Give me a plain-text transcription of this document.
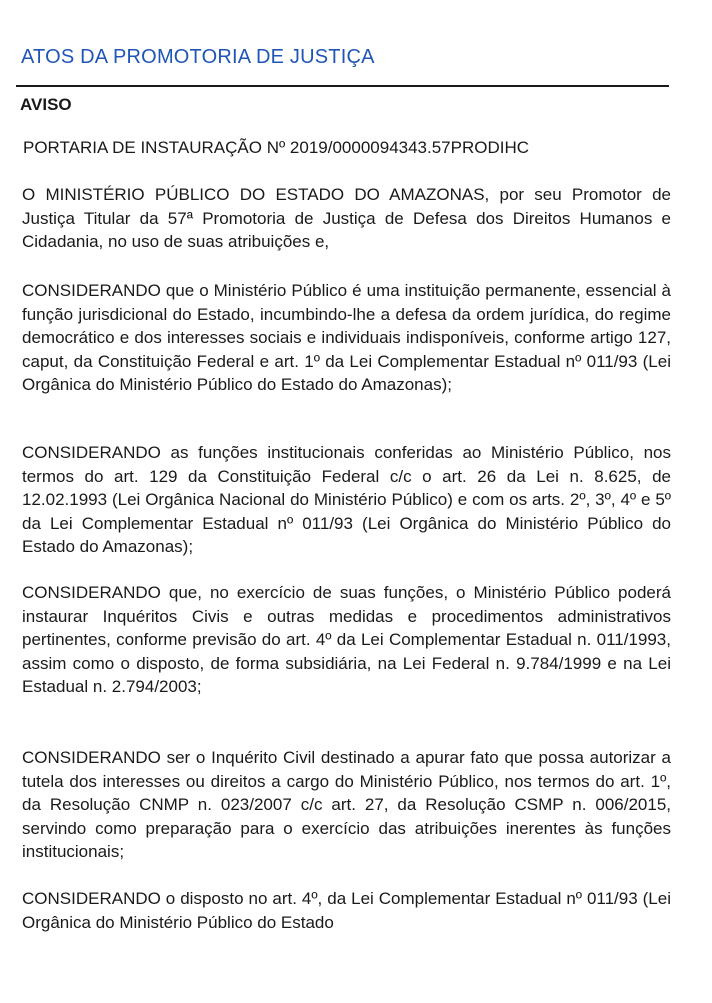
ATOS DA PROMOTORIA DE JUSTIÇA
AVISO
PORTARIA DE INSTAURAÇÃO Nº 2019/0000094343.57PRODIHC

O MINISTÉRIO PÚBLICO DO ESTADO DO AMAZONAS, por seu Promotor de Justiça Titular da 57ª Promotoria de Justiça de Defesa dos Direitos Humanos e Cidadania, no uso de suas atribuições e,

CONSIDERANDO que o Ministério Público é uma instituição permanente, essencial à função jurisdicional do Estado, incumbindo-lhe a defesa da ordem jurídica, do regime democrático e dos interesses sociais e individuais indisponíveis, conforme artigo 127, caput, da Constituição Federal e art. 1º da Lei Complementar Estadual nº 011/93 (Lei Orgânica do Ministério Público do Estado do Amazonas);

CONSIDERANDO as funções institucionais conferidas ao Ministério Público, nos termos do art. 129 da Constituição Federal c/c o art. 26 da Lei n. 8.625, de 12.02.1993 (Lei Orgânica Nacional do Ministério Público) e com os arts. 2º, 3º, 4º e 5º da Lei Complementar Estadual nº 011/93 (Lei Orgânica do Ministério Público do Estado do Amazonas);

CONSIDERANDO que, no exercício de suas funções, o Ministério Público poderá instaurar Inquéritos Civis e outras medidas e procedimentos administrativos pertinentes, conforme previsão do art. 4º da Lei Complementar Estadual n. 011/1993, assim como o disposto, de forma subsidiária, na Lei Federal n. 9.784/1999 e na Lei Estadual n. 2.794/2003;

CONSIDERANDO ser o Inquérito Civil destinado a apurar fato que possa autorizar a tutela dos interesses ou direitos a cargo do Ministério Público, nos termos do art. 1º, da Resolução CNMP n. 023/2007 c/c art. 27, da Resolução CSMP n. 006/2015, servindo como preparação para o exercício das atribuições inerentes às funções institucionais;

CONSIDERANDO o disposto no art. 4º, da Lei Complementar Estadual nº 011/93 (Lei Orgânica do Ministério Público do Estado
